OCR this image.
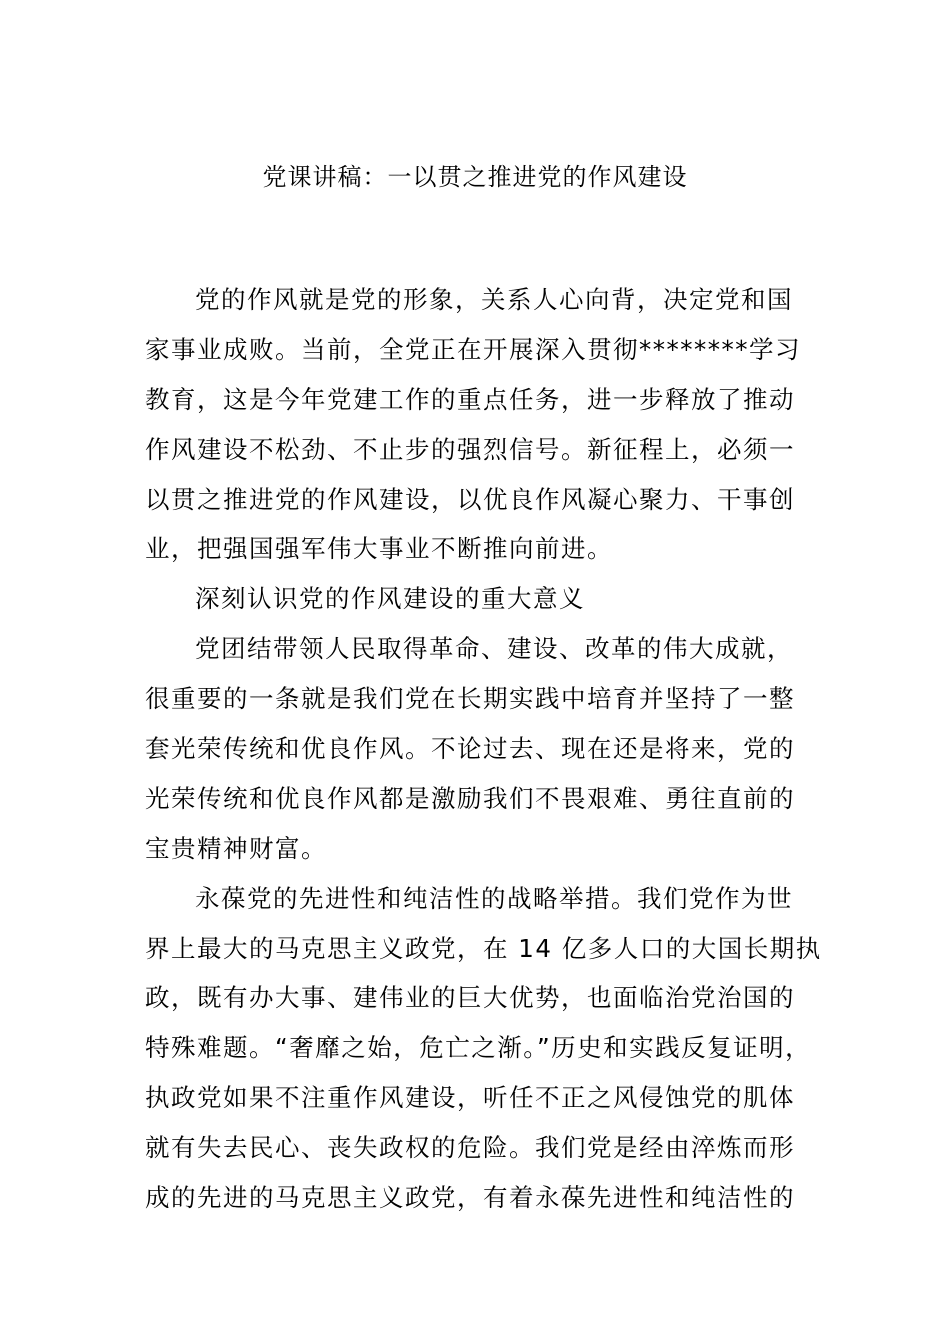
党课讲稿：一以贯之推进党的作风建设
党的作风就是党的形象，关系人心向背，决定党和国
家事业成败。当前，全党正在开展深入贯彻********学习
教育，这是今年党建工作的重点任务，进一步释放了推动
作风建设不松劲、不止步的强烈信号。新征程上，必须一
以贯之推进党的作风建设，以优良作风凝心聚力、干事创
业，把强国强军伟大事业不断推向前进。
深刻认识党的作风建设的重大意义
党团结带领人民取得革命、建设、改革的伟大成就，
很重要的一条就是我们党在长期实践中培育并坚持了一整
套光荣传统和优良作风。不论过去、现在还是将来，党的
光荣传统和优良作风都是激励我们不畏艰难、勇往直前的
宝贵精神财富。
永葆党的先进性和纯洁性的战略举措。我们党作为世
界上最大的马克思主义政党，在 14 亿多人口的大国长期执
政，既有办大事、建伟业的巨大优势，也面临治党治国的
特殊难题。“奢靡之始，危亡之渐。”历史和实践反复证明，
执政党如果不注重作风建设，听任不正之风侵蚀党的肌体
就有失去民心、丧失政权的危险。我们党是经由淬炼而形
成的先进的马克思主义政党，有着永葆先进性和纯洁性的
